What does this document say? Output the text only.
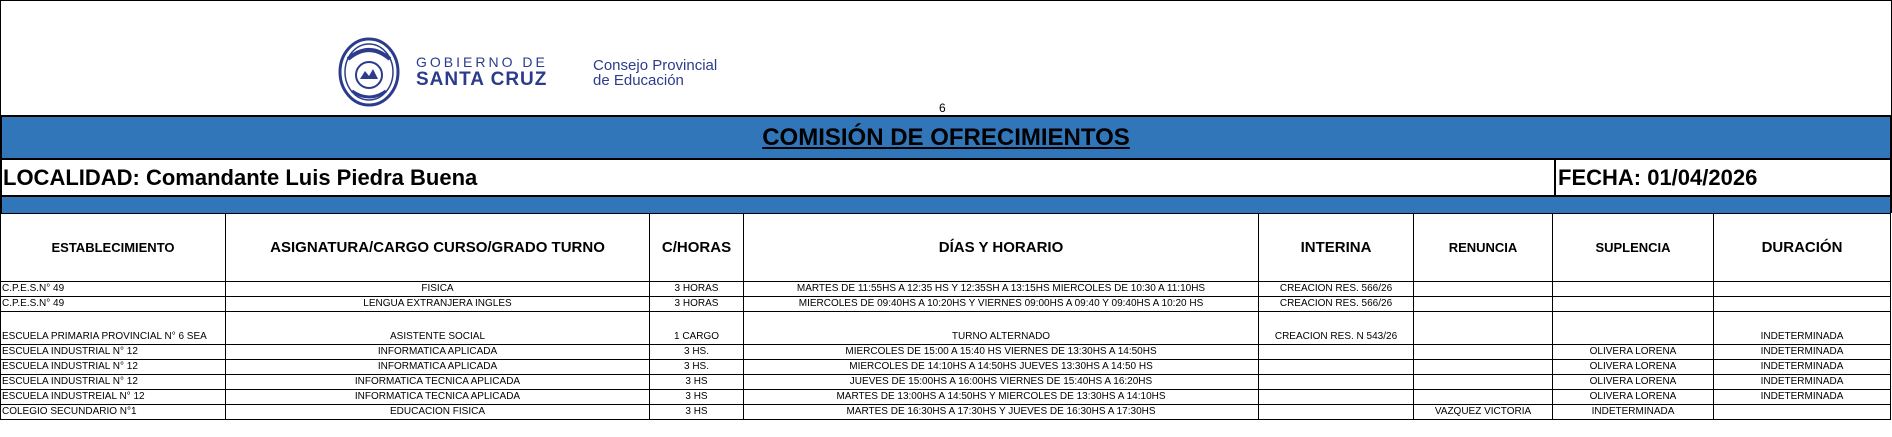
GOBIERNO DE
SANTA CRUZ
Consejo Provincial
de Educación
6
COMISIÓN DE OFRECIMIENTOS
LOCALIDAD: Comandante Luis Piedra Buena	FECHA: 01/04/2026
ESTABLECIMIENTO	ASIGNATURA/CARGO CURSO/GRADO TURNO	C/HORAS	DÍAS Y HORARIO	INTERINA	RENUNCIA	SUPLENCIA	DURACIÓN
C.P.E.S.N° 49	FISICA	3 HORAS	MARTES DE 11:55HS A 12:35 HS Y 12:35SH A 13:15HS MIERCOLES DE 10:30 A 11:10HS	CREACION RES. 566/26			
C.P.E.S.N° 49	LENGUA EXTRANJERA INGLES	3 HORAS	MIERCOLES DE 09:40HS A 10:20HS Y VIERNES 09:00HS A 09:40 Y 09:40HS A 10:20 HS	CREACION RES. 566/26			
ESCUELA PRIMARIA PROVINCIAL N° 6 SEA	ASISTENTE SOCIAL	1 CARGO	TURNO ALTERNADO	CREACION RES. N 543/26			INDETERMINADA
ESCUELA INDUSTRIAL N° 12	INFORMATICA APLICADA	3 HS.	MIERCOLES DE 15:00 A 15:40 HS VIERNES DE 13:30HS A 14:50HS			OLIVERA LORENA	INDETERMINADA
ESCUELA INDUSTRIAL N° 12	INFORMATICA APLICADA	3 HS.	MIERCOLES DE 14:10HS A 14:50HS JUEVES 13:30HS A 14:50 HS			OLIVERA LORENA	INDETERMINADA
ESCUELA INDUSTRIAL N° 12	INFORMATICA TECNICA APLICADA	3 HS	JUEVES DE 15:00HS A 16:00HS VIERNES DE 15:40HS A 16:20HS			OLIVERA LORENA	INDETERMINADA
ESCUELA INDUSTREIAL N° 12	INFORMATICA TECNICA APLICADA	3 HS	MARTES DE 13:00HS A 14:50HS Y MIERCOLES DE 13:30HS A 14:10HS			OLIVERA LORENA	INDETERMINADA
COLEGIO SECUNDARIO N°1	EDUCACION FISICA	3 HS	MARTES DE 16:30HS A 17:30HS Y JUEVES DE 16:30HS A 17:30HS		VAZQUEZ VICTORIA	INDETERMINADA	
